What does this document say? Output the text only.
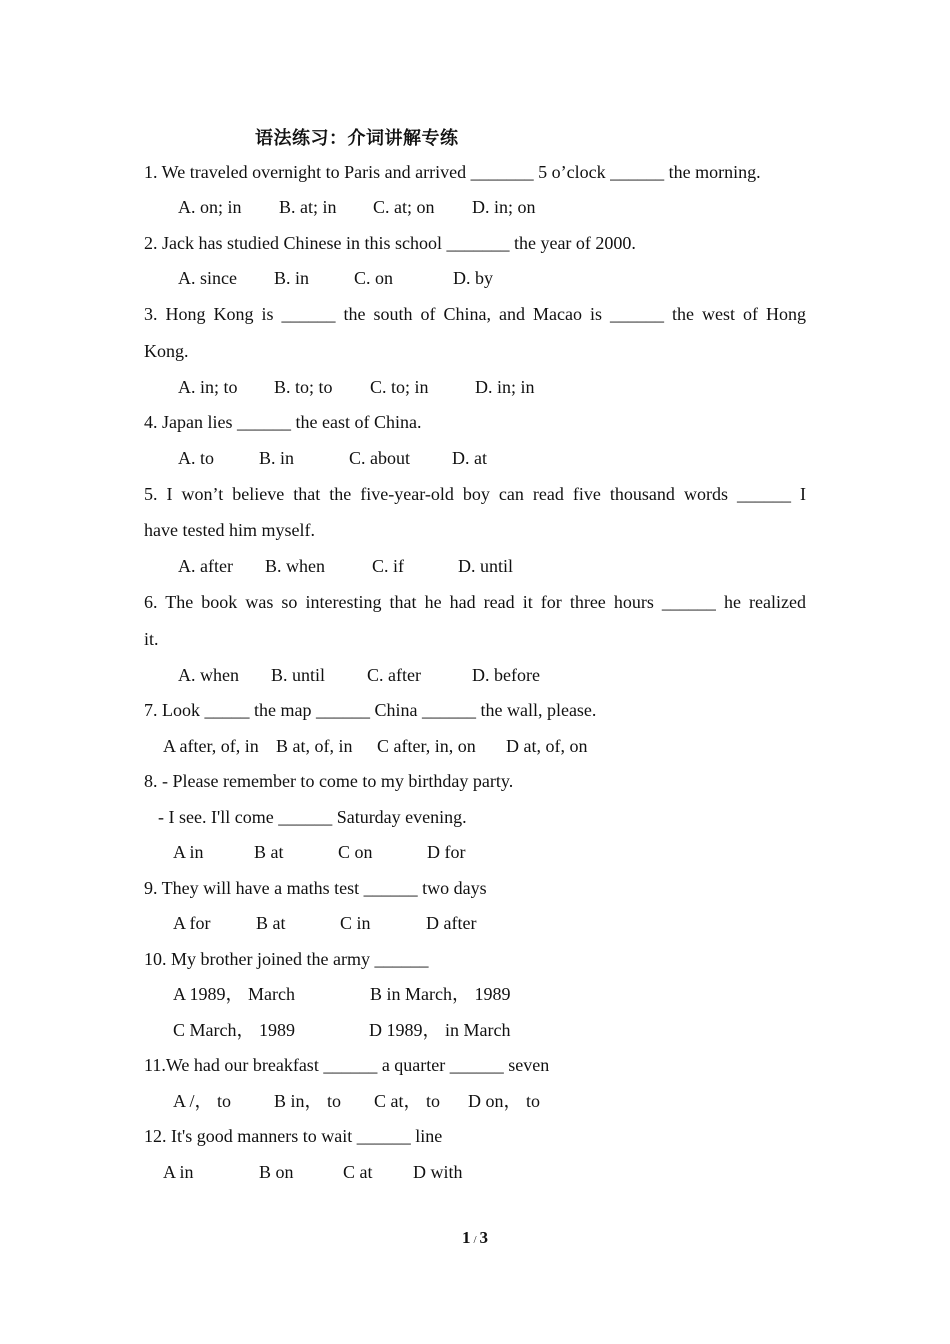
语法练习：介词讲解专练
1. We traveled overnight to Paris and arrived _______ 5 o’clock ______ the morning.
A. on; in B. at; in C. at; on D. in; on
2. Jack has studied Chinese in this school _______ the year of 2000.
A. since B. in C. on	D. by
3. Hong Kong is ______ the south of China, and Macao is ______ the west of Hong
Kong.
A. in; to B. to; to C. to; in	D. in; in
4. Japan lies ______ the east of China.
A. to	B. in	C. about D. at
5. I won’t believe that the five-year-old boy can read five thousand words ______ I
have tested him myself.
A. after B. when	C. if	D. until
6. The book was so interesting that he had read it for three hours ______ he realized
it.
A. when B. until C. after	D. before
7. Look _____ the map ______ China ______ the wall, please.
A after, of, in B at, of, in C after, in, on D at, of, on
8. - Please remember to come to my birthday party.
- I see. I'll come ______ Saturday evening.
A in	B at	C on	D for
9. They will have a maths test ______ two days
A for	B at	C in	D after
10. My brother joined the army ______
A 1989， March	B in March， 1989
C March， 1989	D 1989， in March
11.We had our breakfast ______ a quarter ______ seven
A /， to B in， to C at， to D on， to
12. It's good manners to wait ______ line
A in	B on	C at D with
1 / 3
